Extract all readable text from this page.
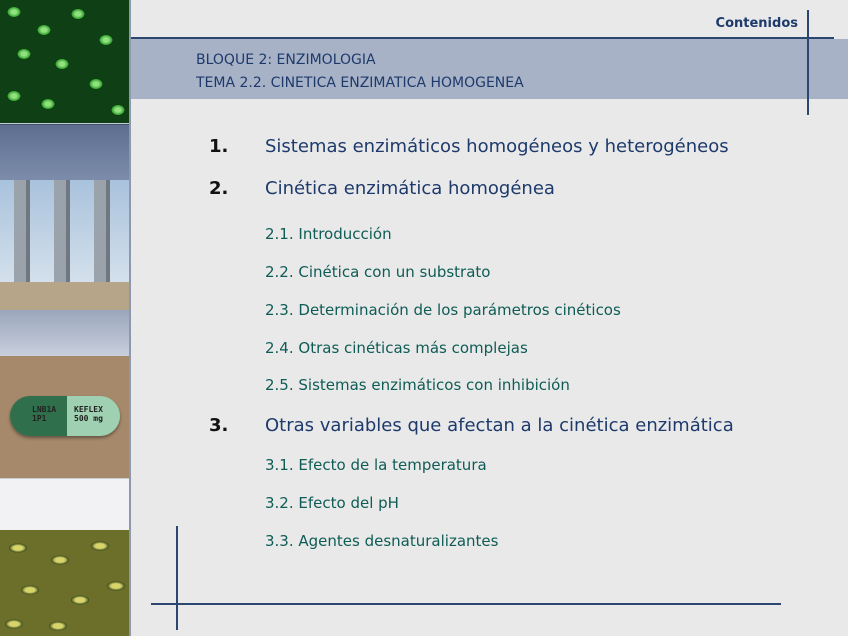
LNB1A 1P1
KEFLEX 500 mg
Contenidos
BLOQUE 2: ENZIMOLOGIA
TEMA 2.2. CINETICA ENZIMATICA HOMOGENEA
1. Sistemas enzimáticos homogéneos y heterogéneos
2. Cinética enzimática homogénea
2.1. Introducción
2.2. Cinética con un substrato
2.3. Determinación de los parámetros cinéticos
2.4. Otras cinéticas más complejas
2.5. Sistemas enzimáticos con inhibición
3. Otras variables que afectan a la cinética enzimática
3.1. Efecto de la temperatura
3.2. Efecto del pH
3.3. Agentes desnaturalizantes
